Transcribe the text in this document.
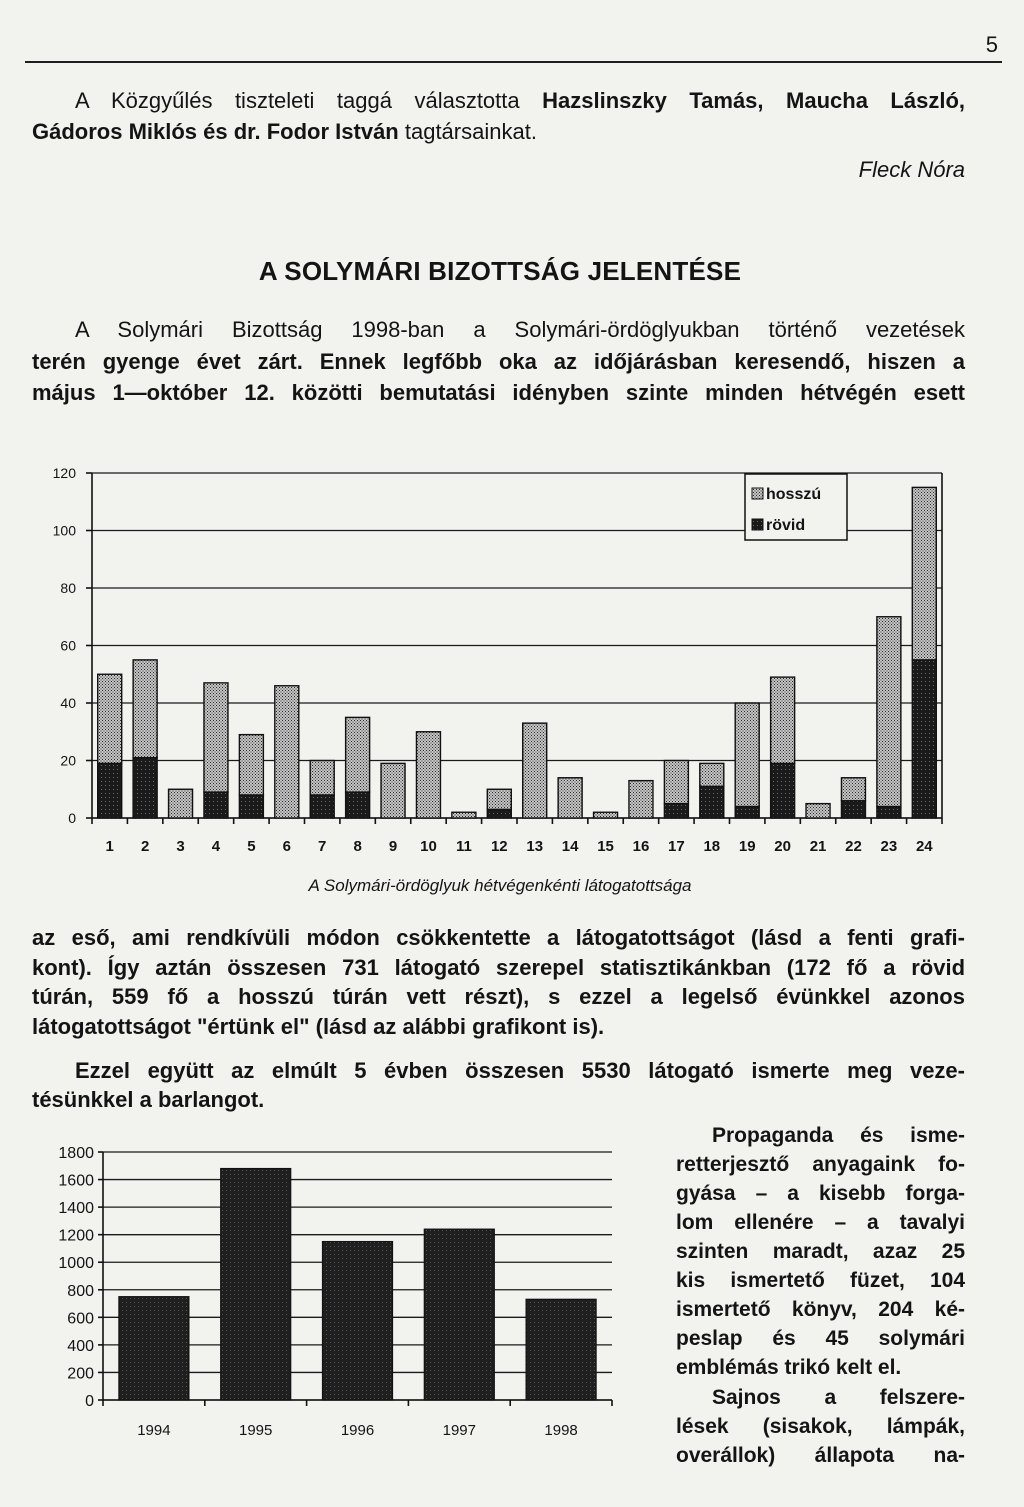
5
A Közgyűlés tiszteleti taggá választotta Hazslinszky Tamás, Maucha László,
Gádoros Miklós és dr. Fodor István tagtársainkat.
Fleck Nóra
A SOLYMÁRI BIZOTTSÁG JELENTÉSE
A Solymári Bizottság 1998-ban a Solymári-ördöglyukban történő vezetések
terén gyenge évet zárt. Ennek legfőbb oka az időjárásban keresendő, hiszen a
május 1—október 12. közötti bemutatási idényben szinte minden hétvégén esett
0
20
40
60
80
100
120
1 2 3 4 5 6 7 8 9 10 11 12 13 14 15 16 17 18 19 20 21 22 23 24
hosszú
rövid
A Solymári-ördöglyuk hétvégenkénti látogatottsága
az eső, ami rendkívüli módon csökkentette a látogatottságot (lásd a fenti grafi-
kont). Így aztán összesen 731 látogató szerepel statisztikánkban (172 fő a rövid
túrán, 559 fő a hosszú túrán vett részt), s ezzel a legelső évünkkel azonos
látogatottságot "értünk el" (lásd az alábbi grafikont is).
Ezzel együtt az elmúlt 5 évben összesen 5530 látogató ismerte meg veze-
tésünkkel a barlangot.
0
200
400
600
800
1000
1200
1400
1600
1800
1994	1995	1996	1997	1998
Propaganda és isme-
retterjesztő anyagaink fo-
gyása – a kisebb forga-
lom ellenére – a tavalyi
szinten maradt, azaz 25
kis ismertető füzet, 104
ismertető könyv, 204 ké-
peslap és 45 solymári
emblémás trikó kelt el.
Sajnos a felszere-
lések (sisakok, lámpák,
overállok) állapota na-
